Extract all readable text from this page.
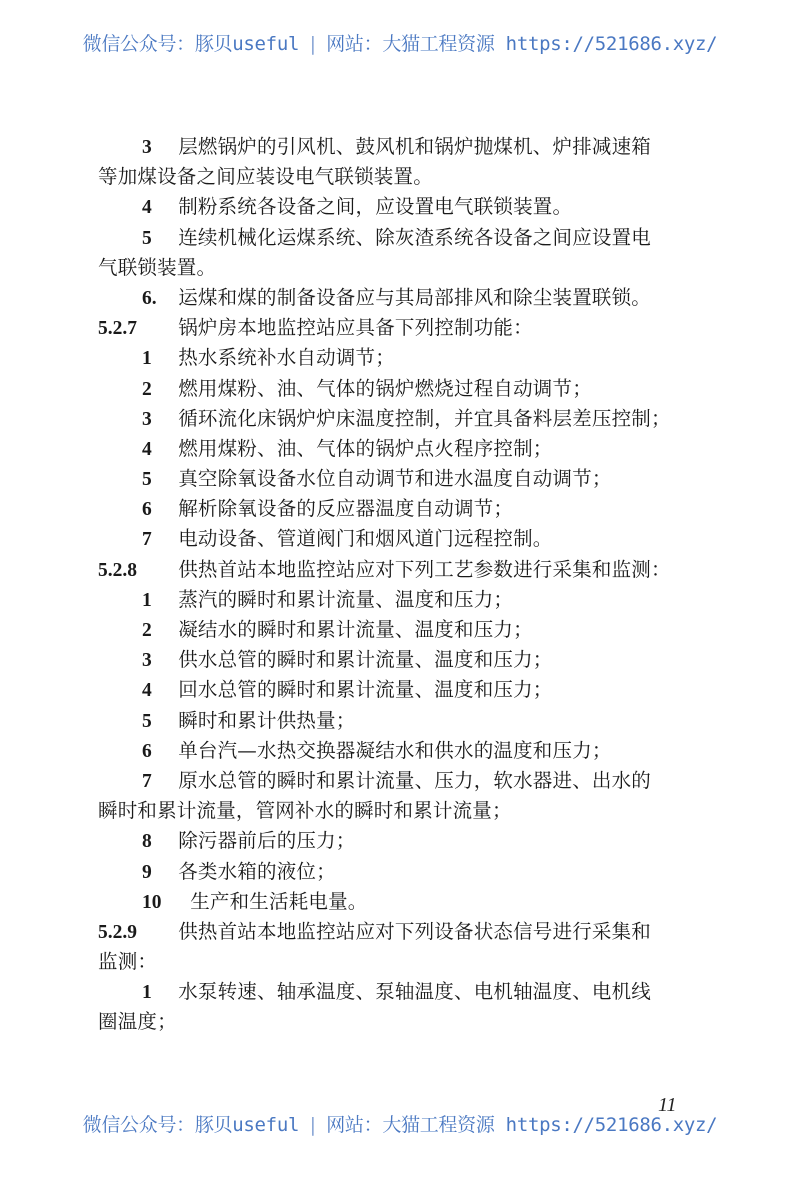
微信公众号：豚贝useful | 网站：大猫工程资源 https://521686.xyz/
3 层燃锅炉的引风机、鼓风机和锅炉抛煤机、炉排减速箱
等加煤设备之间应装设电气联锁装置。
4 制粉系统各设备之间，应设置电气联锁装置。
5 连续机械化运煤系统、除灰渣系统各设备之间应设置电
气联锁装置。
6. 运煤和煤的制备设备应与其局部排风和除尘装置联锁。
5.2.7 锅炉房本地监控站应具备下列控制功能：
1 热水系统补水自动调节；
2 燃用煤粉、油、气体的锅炉燃烧过程自动调节；
3 循环流化床锅炉炉床温度控制，并宜具备料层差压控制；
4 燃用煤粉、油、气体的锅炉点火程序控制；
5 真空除氧设备水位自动调节和进水温度自动调节；
6 解析除氧设备的反应器温度自动调节；
7 电动设备、管道阀门和烟风道门远程控制。
5.2.8 供热首站本地监控站应对下列工艺参数进行采集和监测：
1 蒸汽的瞬时和累计流量、温度和压力；
2 凝结水的瞬时和累计流量、温度和压力；
3 供水总管的瞬时和累计流量、温度和压力；
4 回水总管的瞬时和累计流量、温度和压力；
5 瞬时和累计供热量；
6 单台汽—水热交换器凝结水和供水的温度和压力；
7 原水总管的瞬时和累计流量、压力，软水器进、出水的
瞬时和累计流量，管网补水的瞬时和累计流量；
8 除污器前后的压力；
9 各类水箱的液位；
10 生产和生活耗电量。
5.2.9 供热首站本地监控站应对下列设备状态信号进行采集和
监测：
1 水泵转速、轴承温度、泵轴温度、电机轴温度、电机线
圈温度；
11
微信公众号：豚贝useful | 网站：大猫工程资源 https://521686.xyz/
